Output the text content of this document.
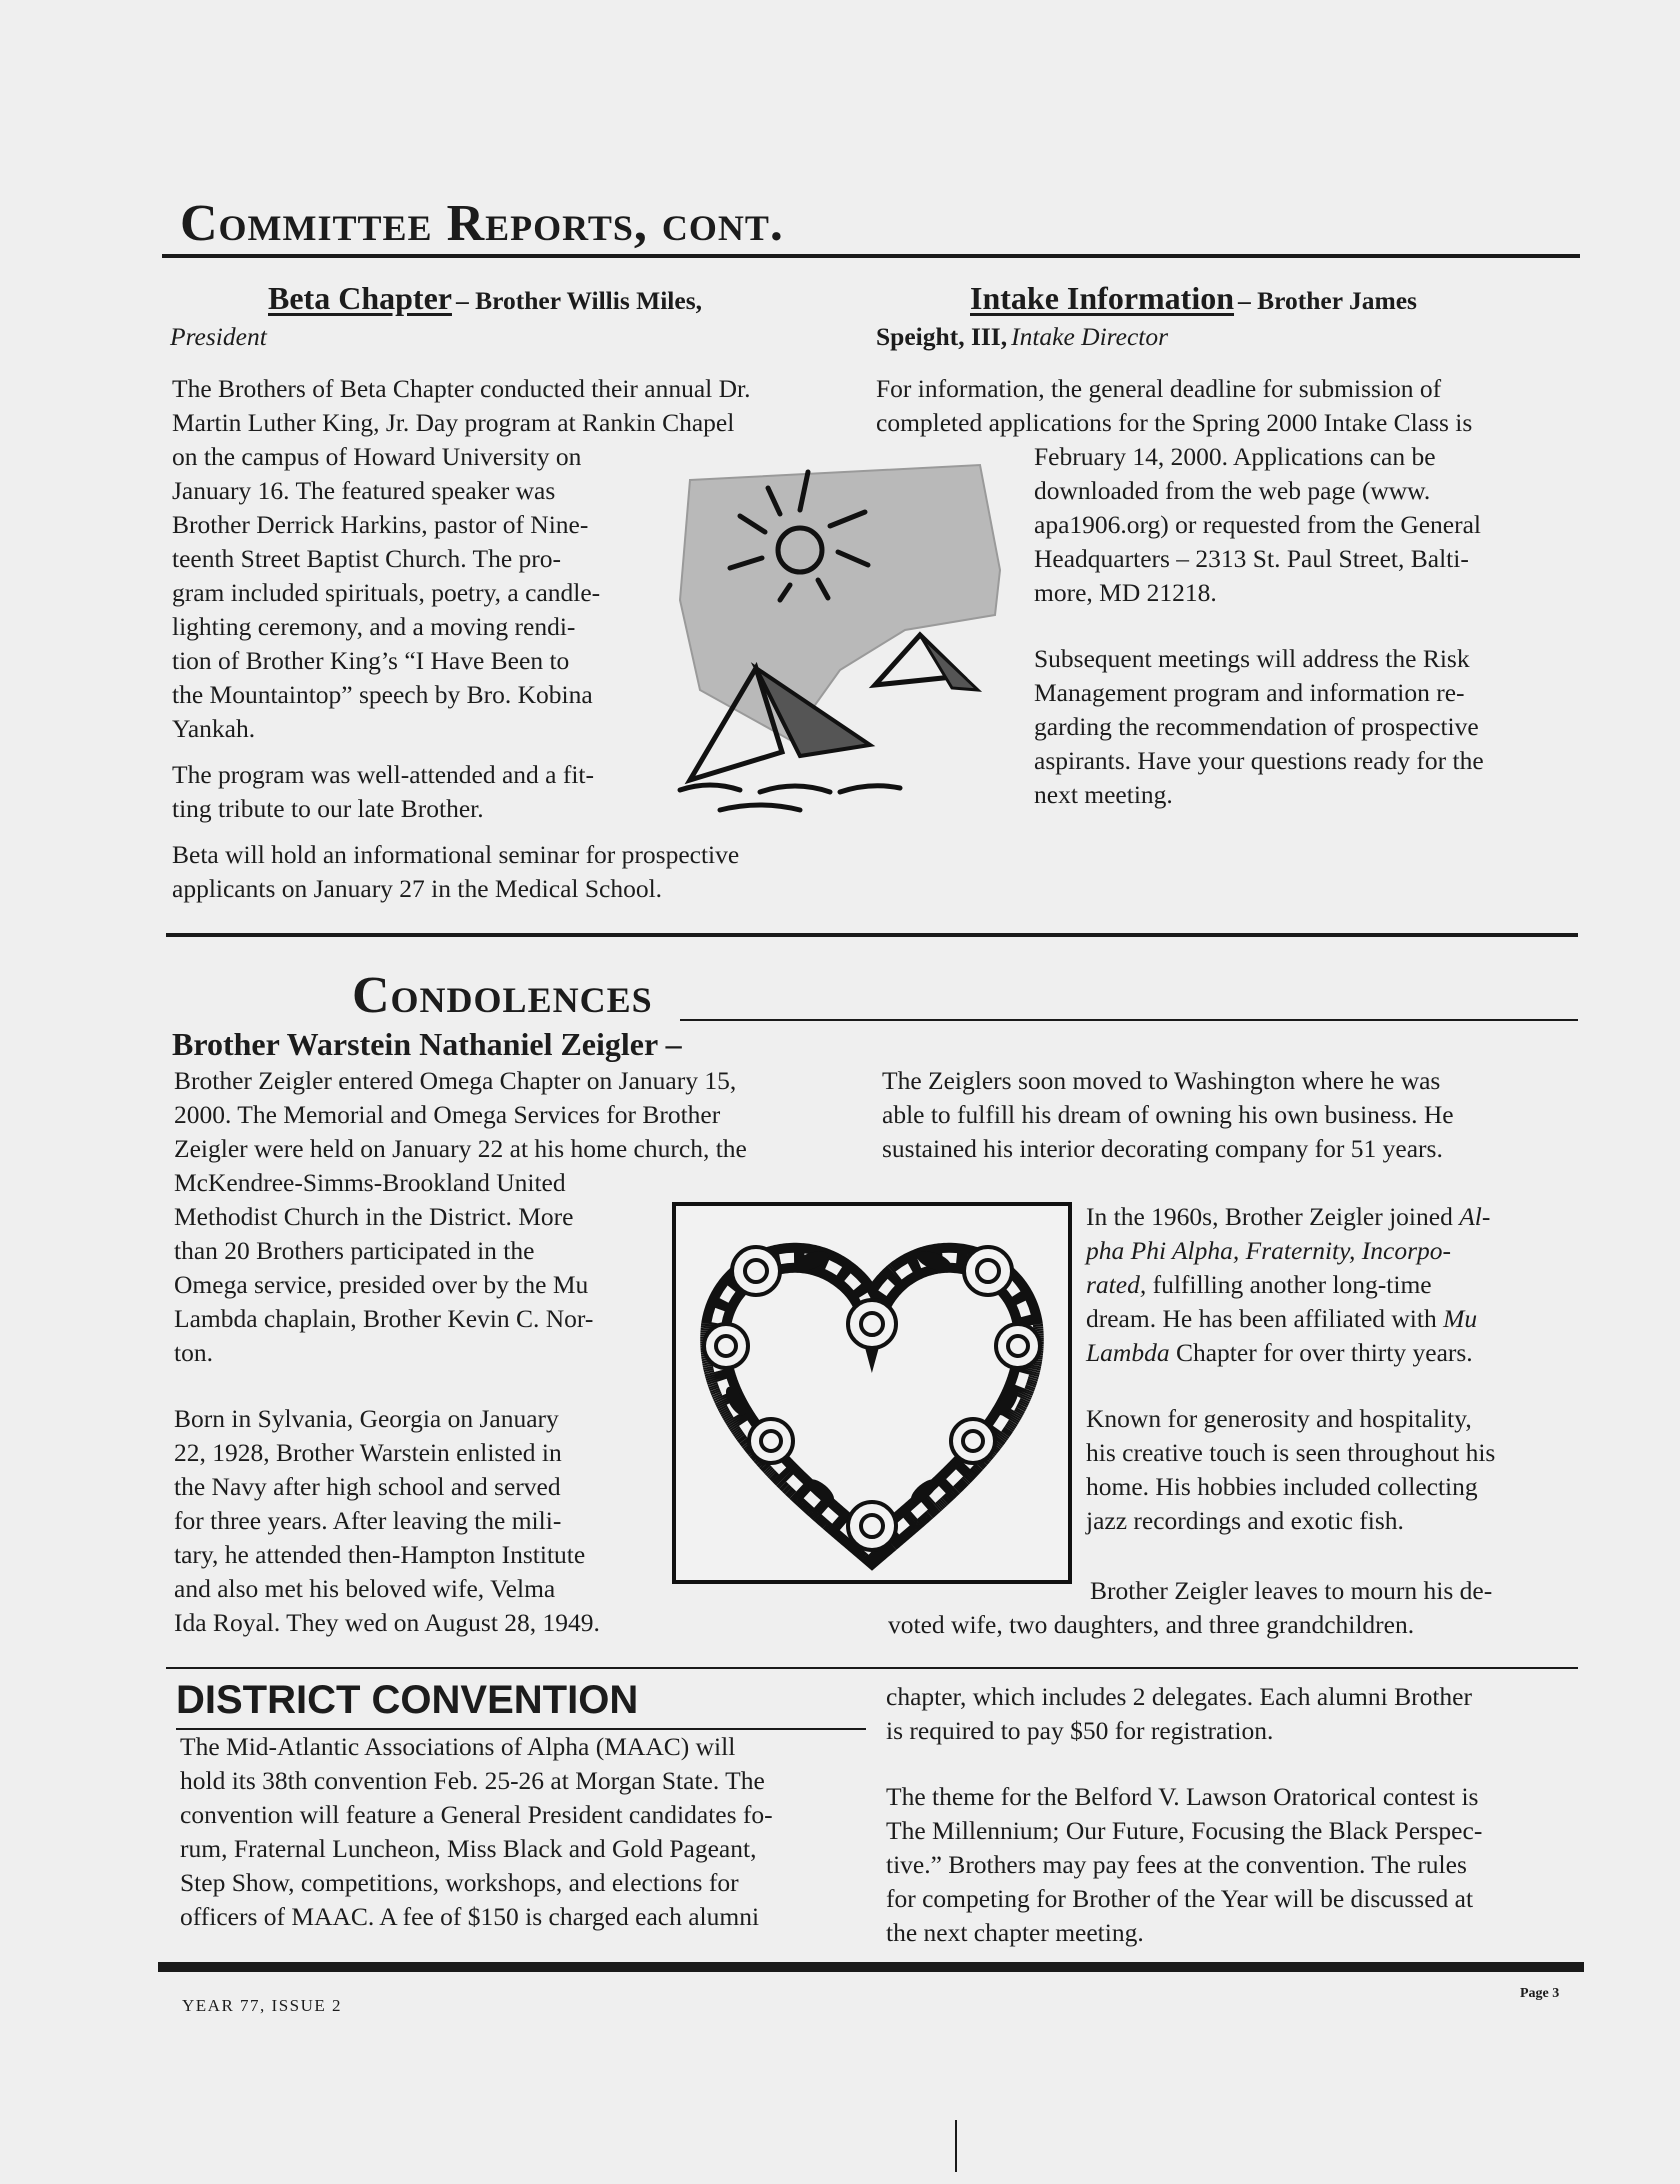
Committee Reports, cont.
Beta Chapter – Brother Willis Miles,
President

The Brothers of Beta Chapter conducted their annual Dr.

Martin Luther King, Jr. Day program at Rankin Chapel

on the campus of Howard University on

January 16. The featured speaker was

Brother Derrick Harkins, pastor of Nine-

teenth Street Baptist Church. The pro-

gram included spirituals, poetry, a candle-

lighting ceremony, and a moving rendi-

tion of Brother King’s “I Have Been to

the Mountaintop” speech by Bro. Kobina

Yankah.

The program was well-attended and a fit-

ting tribute to our late Brother.

Beta will hold an informational seminar for prospective

applicants on January 27 in the Medical School.

Intake Information – Brother James
Speight, III, Intake Director

For information, the general deadline for submission of

completed applications for the Spring 2000 Intake Class is

February 14, 2000. Applications can be

downloaded from the web page (www.

apa1906.org) or requested from the General

Headquarters – 2313 St. Paul Street, Balti-

more, MD 21218.

Subsequent meetings will address the Risk

Management program and information re-

garding the recommendation of prospective

aspirants. Have your questions ready for the

next meeting.

Condolences
Brother Warstein Nathaniel Zeigler –

Brother Zeigler entered Omega Chapter on January 15,

2000. The Memorial and Omega Services for Brother

Zeigler were held on January 22 at his home church, the

McKendree-Simms-Brookland United

Methodist Church in the District. More

than 20 Brothers participated in the

Omega service, presided over by the Mu

Lambda chaplain, Brother Kevin C. Nor-

ton.

Born in Sylvania, Georgia on January

22, 1928, Brother Warstein enlisted in

the Navy after high school and served

for three years. After leaving the mili-

tary, he attended then-Hampton Institute

and also met his beloved wife, Velma

Ida Royal. They wed on August 28, 1949.

The Zeiglers soon moved to Washington where he was

able to fulfill his dream of owning his own business. He

sustained his interior decorating company for 51 years.

In the 1960s, Brother Zeigler joined Al-

pha Phi Alpha, Fraternity, Incorpo-

rated, fulfilling another long-time

dream. He has been affiliated with Mu

Lambda Chapter for over thirty years.

Known for generosity and hospitality,

his creative touch is seen throughout his

home. His hobbies included collecting

jazz recordings and exotic fish.

Brother Zeigler leaves to mourn his de-

voted wife, two daughters, and three grandchildren.

DISTRICT CONVENTION

The Mid-Atlantic Associations of Alpha (MAAC) will

hold its 38th convention Feb. 25-26 at Morgan State. The

convention will feature a General President candidates fo-

rum, Fraternal Luncheon, Miss Black and Gold Pageant,

Step Show, competitions, workshops, and elections for

officers of MAAC. A fee of $150 is charged each alumni

chapter, which includes 2 delegates. Each alumni Brother

is required to pay $50 for registration.

The theme for the Belford V. Lawson Oratorical contest is

The Millennium; Our Future, Focusing the Black Perspec-

tive.” Brothers may pay fees at the convention. The rules

for competing for Brother of the Year will be discussed at

the next chapter meeting.

YEAR 77, ISSUE 2
Page 3
